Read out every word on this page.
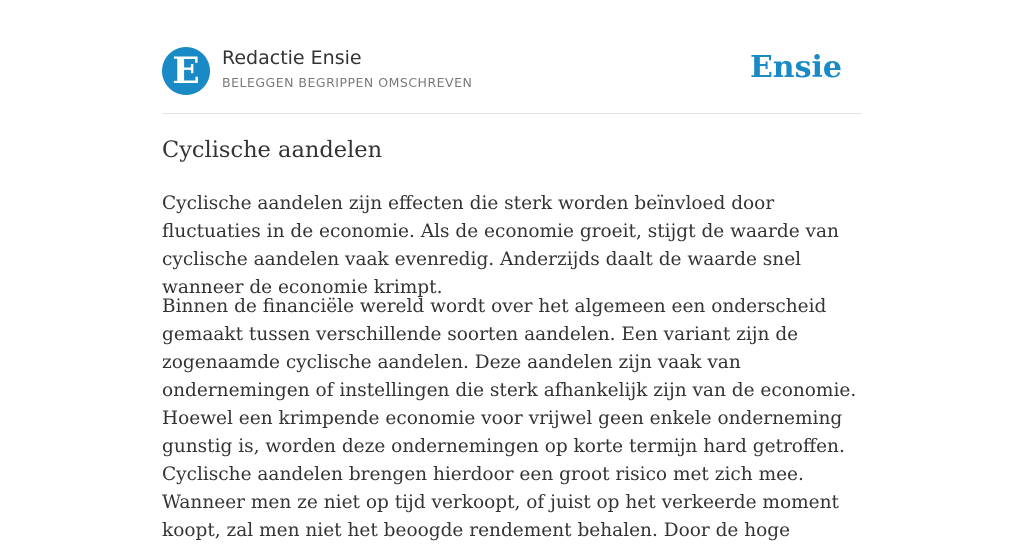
E	Redactie Ensie
BELEGGEN BEGRIPPEN OMSCHREVEN	Ensie
Cyclische aandelen

Cyclische aandelen zijn effecten die sterk worden beïnvloed door fluctuaties in de economie. Als de economie groeit, stijgt de waarde van cyclische aandelen vaak evenredig. Anderzijds daalt de waarde snel wanneer de economie krimpt.

Binnen de financiële wereld wordt over het algemeen een onderscheid gemaakt tussen verschillende soorten aandelen. Een variant zijn de zogenaamde cyclische aandelen. Deze aandelen zijn vaak van ondernemingen of instellingen die sterk afhankelijk zijn van de economie. Hoewel een krimpende economie voor vrijwel geen enkele onderneming gunstig is, worden deze ondernemingen op korte termijn hard getroffen. Cyclische aandelen brengen hierdoor een groot risico met zich mee. Wanneer men ze niet op tijd verkoopt, of juist op het verkeerde moment koopt, zal men niet het beoogde rendement behalen. Door de hoge
